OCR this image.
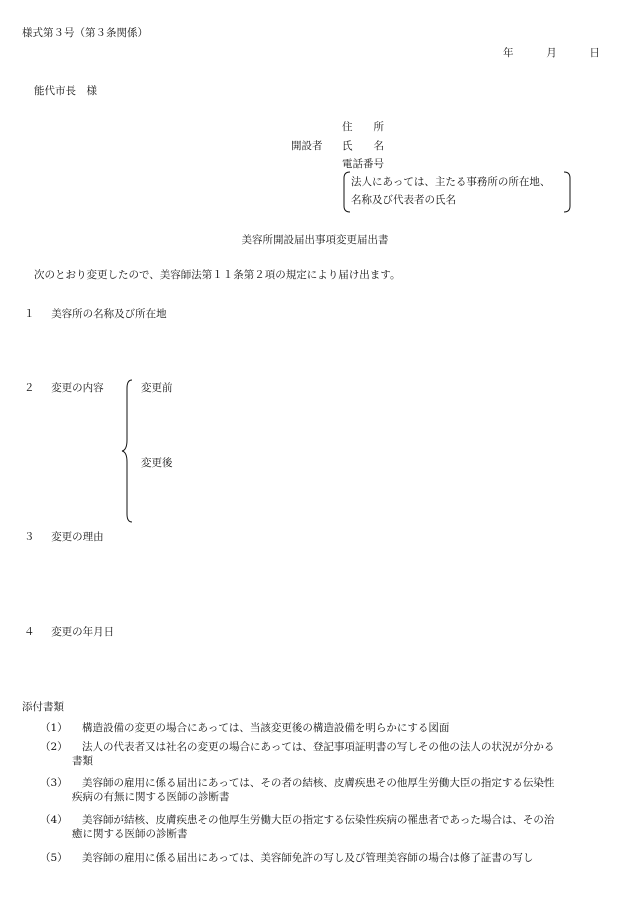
様式第３号（第３条関係）
年	月	日
能代市長　様
住　　所
開設者 氏　　名
電話番号
法人にあっては、主たる事務所の所在地、
名称及び代表者の氏名
美容所開設届出事項変更届出書
次のとおり変更したので、美容師法第１１条第２項の規定により届け出ます。
１ 美容所の名称及び所在地
２ 変更の内容	変更前
変更後
３ 変更の理由
４ 変更の年月日
添付書類
（1） 構造設備の変更の場合にあっては、当該変更後の構造設備を明らかにする図面
（2） 法人の代表者又は社名の変更の場合にあっては、登記事項証明書の写しその他の法人の状況が分かる
書類
（3） 美容師の雇用に係る届出にあっては、その者の結核、皮膚疾患その他厚生労働大臣の指定する伝染性
疾病の有無に関する医師の診断書
（4） 美容師が結核、皮膚疾患その他厚生労働大臣の指定する伝染性疾病の罹患者であった場合は、その治
癒に関する医師の診断書
（5） 美容師の雇用に係る届出にあっては、美容師免許の写し及び管理美容師の場合は修了証書の写し
